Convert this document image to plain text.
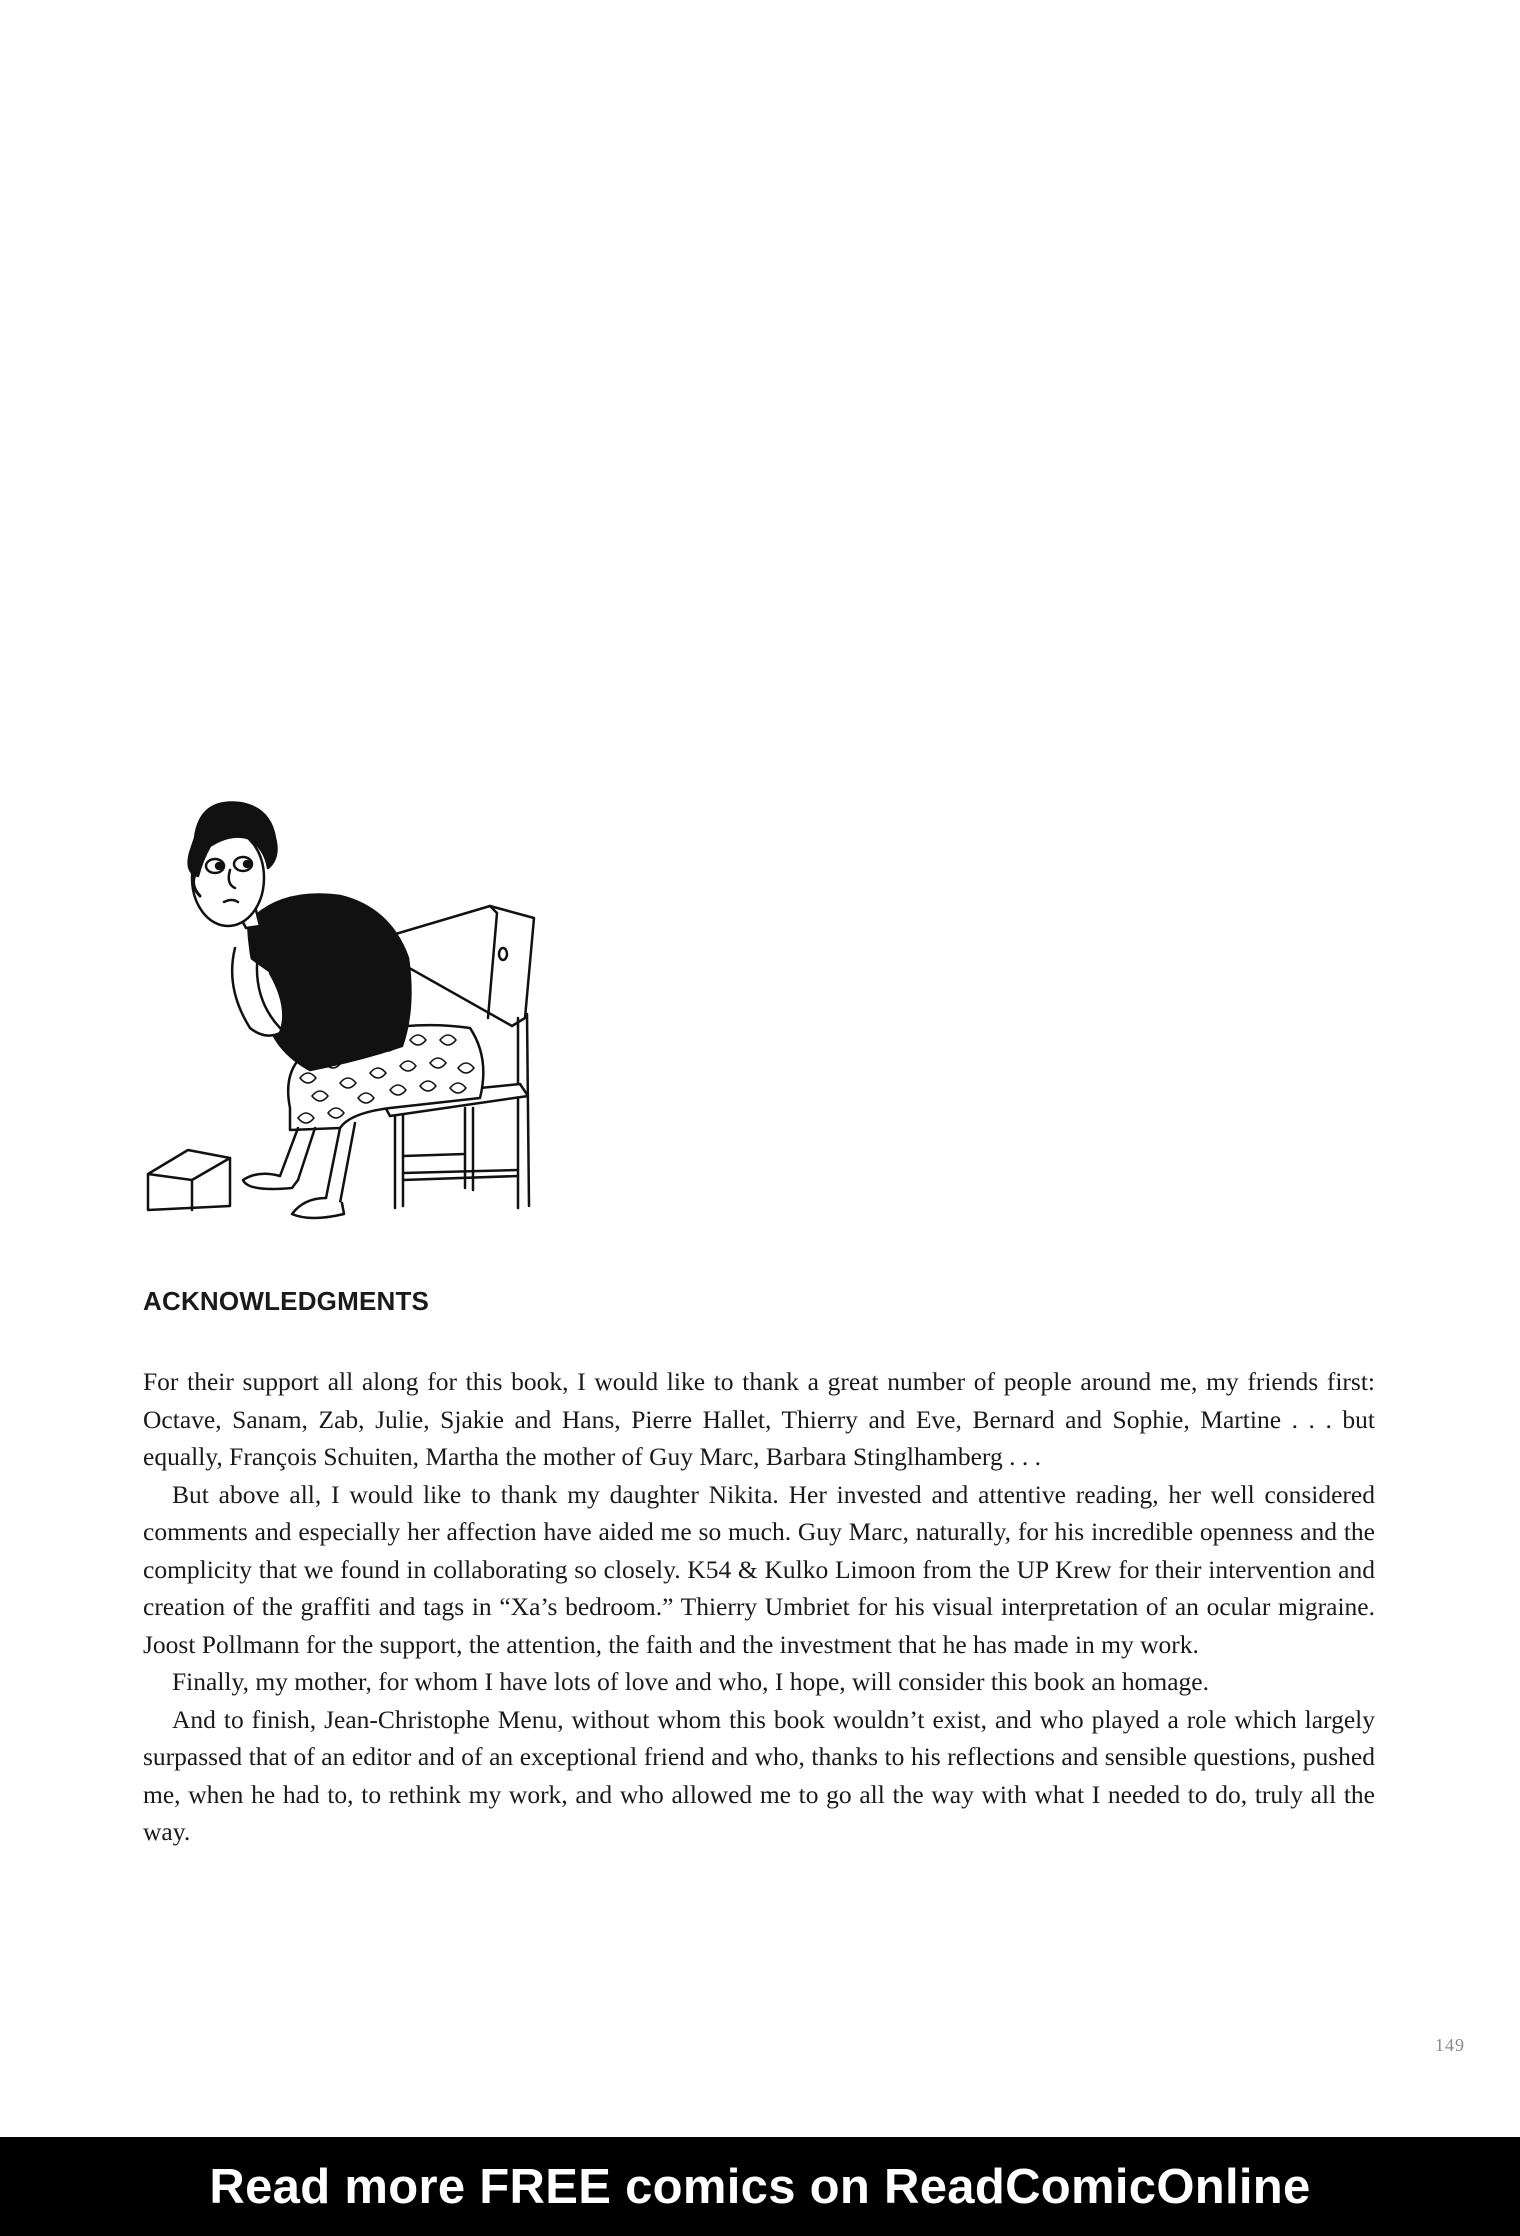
ACKNOWLEDGMENTS

For their support all along for this book, I would like to thank a great number of people around me, my friends first: Octave, Sanam, Zab, Julie, Sjakie and Hans, Pierre Hallet, Thierry and Eve, Bernard and Sophie, Martine . . . but equally, François Schuiten, Martha the mother of Guy Marc, Barbara Stinglhamberg . . .

But above all, I would like to thank my daughter Nikita. Her invested and attentive reading, her well considered comments and especially her affection have aided me so much. Guy Marc, naturally, for his incredible openness and the complicity that we found in collaborating so closely. K54 & Kulko Limoon from the UP Krew for their intervention and creation of the graffiti and tags in “Xa’s bedroom.” Thierry Umbriet for his visual interpretation of an ocular migraine. Joost Pollmann for the support, the attention, the faith and the investment that he has made in my work.

Finally, my mother, for whom I have lots of love and who, I hope, will consider this book an homage.

And to finish, Jean-Christophe Menu, without whom this book wouldn’t exist, and who played a role which largely surpassed that of an editor and of an exceptional friend and who, thanks to his reflections and sensible questions, pushed me, when he had to, to rethink my work, and who allowed me to go all the way with what I needed to do, truly all the way.

149
Read more FREE comics on ReadComicOnline
